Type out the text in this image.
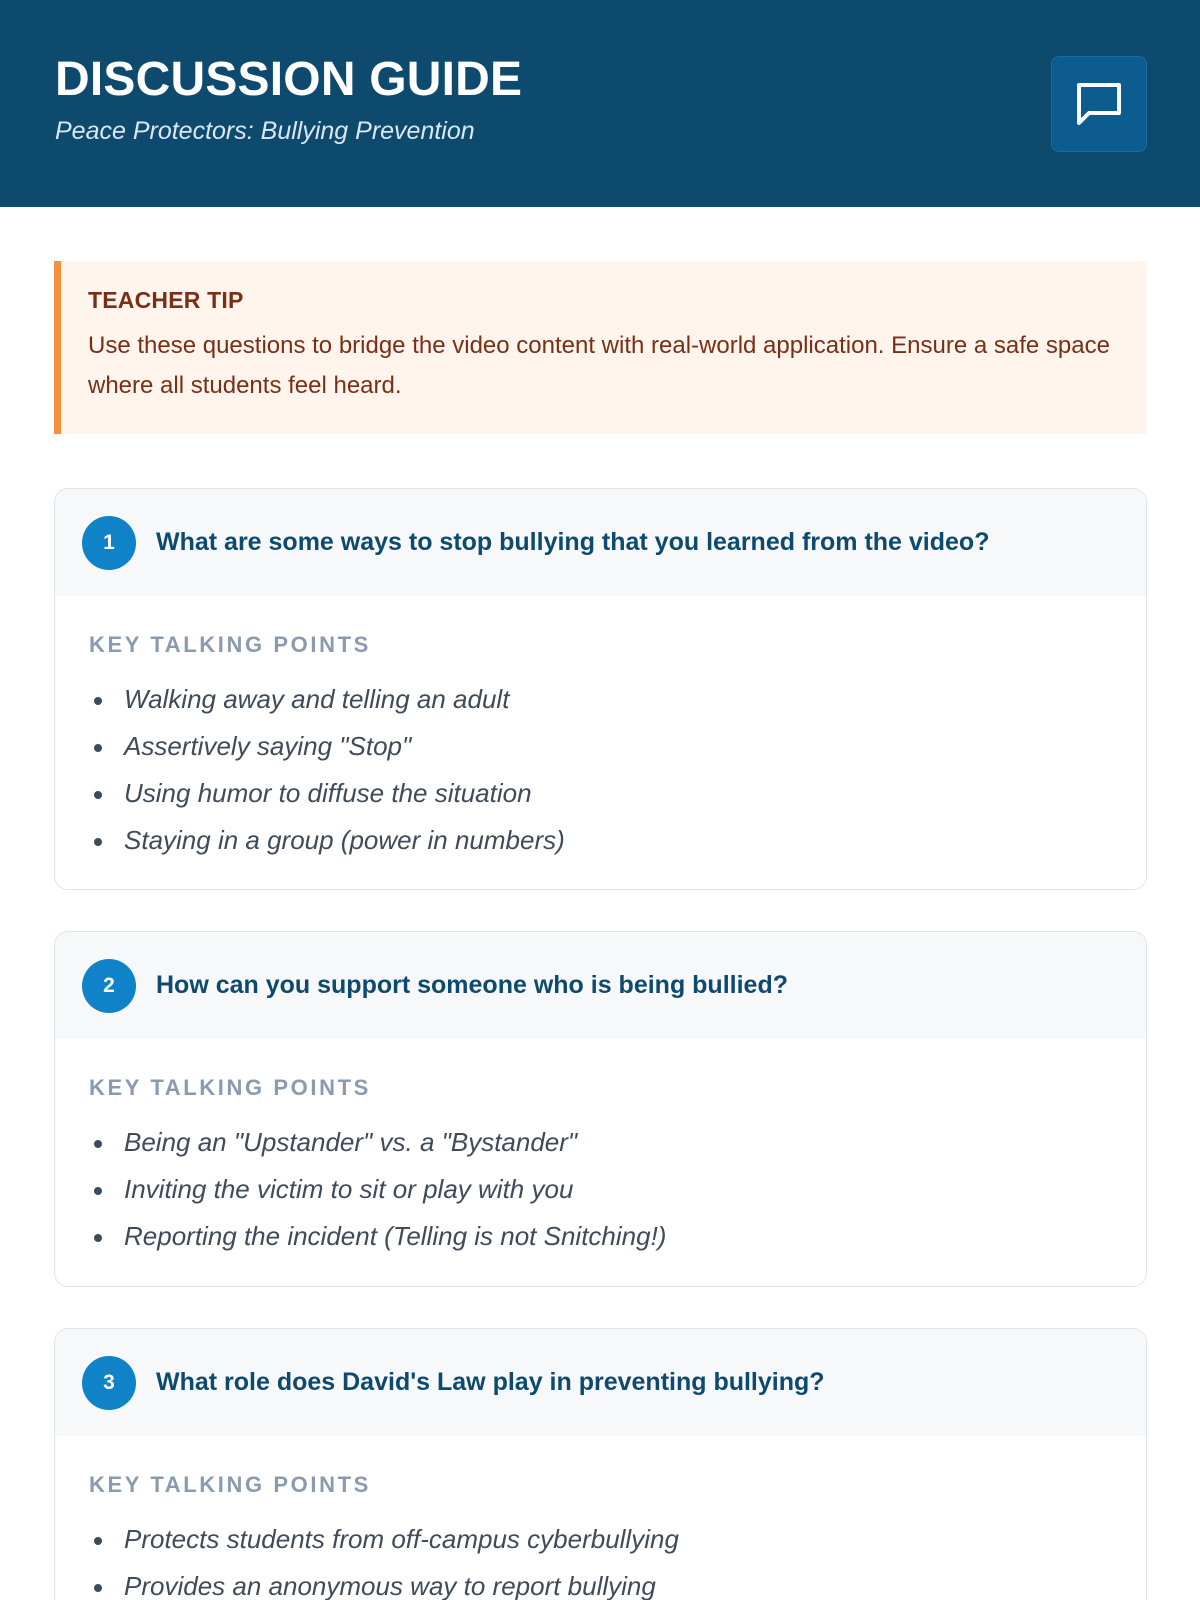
DISCUSSION GUIDE
Peace Protectors: Bullying Prevention
TEACHER TIP
Use these questions to bridge the video content with real-world application. Ensure a safe space where all students feel heard.
1	What are some ways to stop bullying that you learned from the video?
KEY TALKING POINTS
Walking away and telling an adult
Assertively saying "Stop"
Using humor to diffuse the situation
Staying in a group (power in numbers)
2	How can you support someone who is being bullied?
KEY TALKING POINTS
Being an "Upstander" vs. a "Bystander"
Inviting the victim to sit or play with you
Reporting the incident (Telling is not Snitching!)
3	What role does David's Law play in preventing bullying?
KEY TALKING POINTS
Protects students from off-campus cyberbullying
Provides an anonymous way to report bullying
